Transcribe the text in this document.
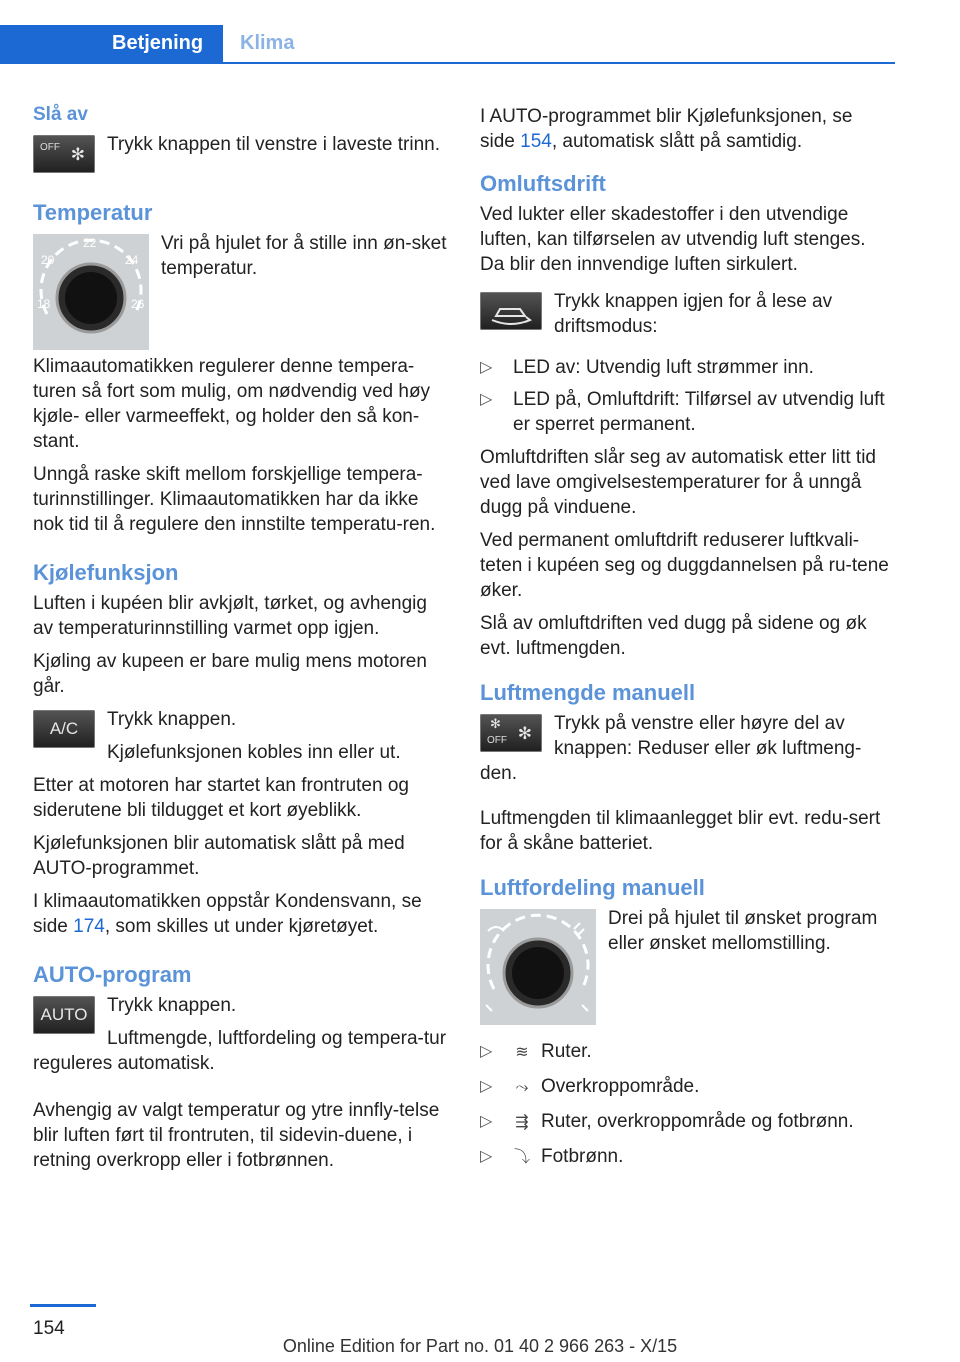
Betjening	Klima
Slå av
OFF ✻	Trykk knappen til venstre i laveste trinn.
Temperatur
18
20
22
24
26
Vri på hjulet for å stille inn øn-sket temperatur.
Klimaautomatikken regulerer denne tempera-turen så fort som mulig, om nødvendig ved høy kjøle- eller varmeeffekt, og holder den så kon-stant.
Unngå raske skift mellom forskjellige tempera-turinnstillinger. Klimaautomatikken har da ikke nok tid til å regulere den innstilte temperatu-ren.
Kjølefunksjon
Luften i kupéen blir avkjølt, tørket, og avhengig av temperaturinnstilling varmet opp igjen.
Kjøling av kupeen er bare mulig mens motoren går.
A/C	Trykk knappen.
Kjølefunksjonen kobles inn eller ut.
Etter at motoren har startet kan frontruten og siderutene bli tildugget et kort øyeblikk.
Kjølefunksjonen blir automatisk slått på med AUTO-programmet.
I klimaautomatikken oppstår Kondensvann, se side 174, som skilles ut under kjøretøyet.
AUTO-program
AUTO	Trykk knappen.
Luftmengde, luftfordeling og tempera-tur reguleres automatisk.
Avhengig av valgt temperatur og ytre innfly-telse blir luften ført til frontruten, til sidevin-duene, i retning overkropp eller i fotbrønnen.
I AUTO-programmet blir Kjølefunksjonen, se side 154, automatisk slått på samtidig.
Omluftsdrift
Ved lukter eller skadestoffer i den utvendige luften, kan tilførselen av utvendig luft stenges. Da blir den innvendige luften sirkulert.
Trykk knappen igjen for å lese av driftsmodus:
▷ LED av: Utvendig luft strømmer inn.
▷ LED på, Omluftdrift: Tilførsel av utvendig luft er sperret permanent.
Omluftdriften slår seg av automatisk etter litt tid ved lave omgivelsestemperaturer for å unngå dugg på vinduene.
Ved permanent omluftdrift reduserer luftkvali-teten i kupéen seg og duggdannelsen på ru-tene øker.
Slå av omluftdriften ved dugg på sidene og øk evt. luftmengden.
Luftmengde manuell
OFF
✻
✻	Trykk på venstre eller høyre del av knappen: Reduser eller øk luftmeng-den.
Luftmengden til klimaanlegget blir evt. redu-sert for å skåne batteriet.
Luftfordeling manuell
Drei på hjulet til ønsket program eller ønsket mellomstilling.
▷ ≋ Ruter.
▷ ⤳ Overkroppområde.
▷ ⇶ Ruter, overkroppområde og fotbrønn.
▷ ⤵ Fotbrønn.
154
Online Edition for Part no. 01 40 2 966 263 - X/15
